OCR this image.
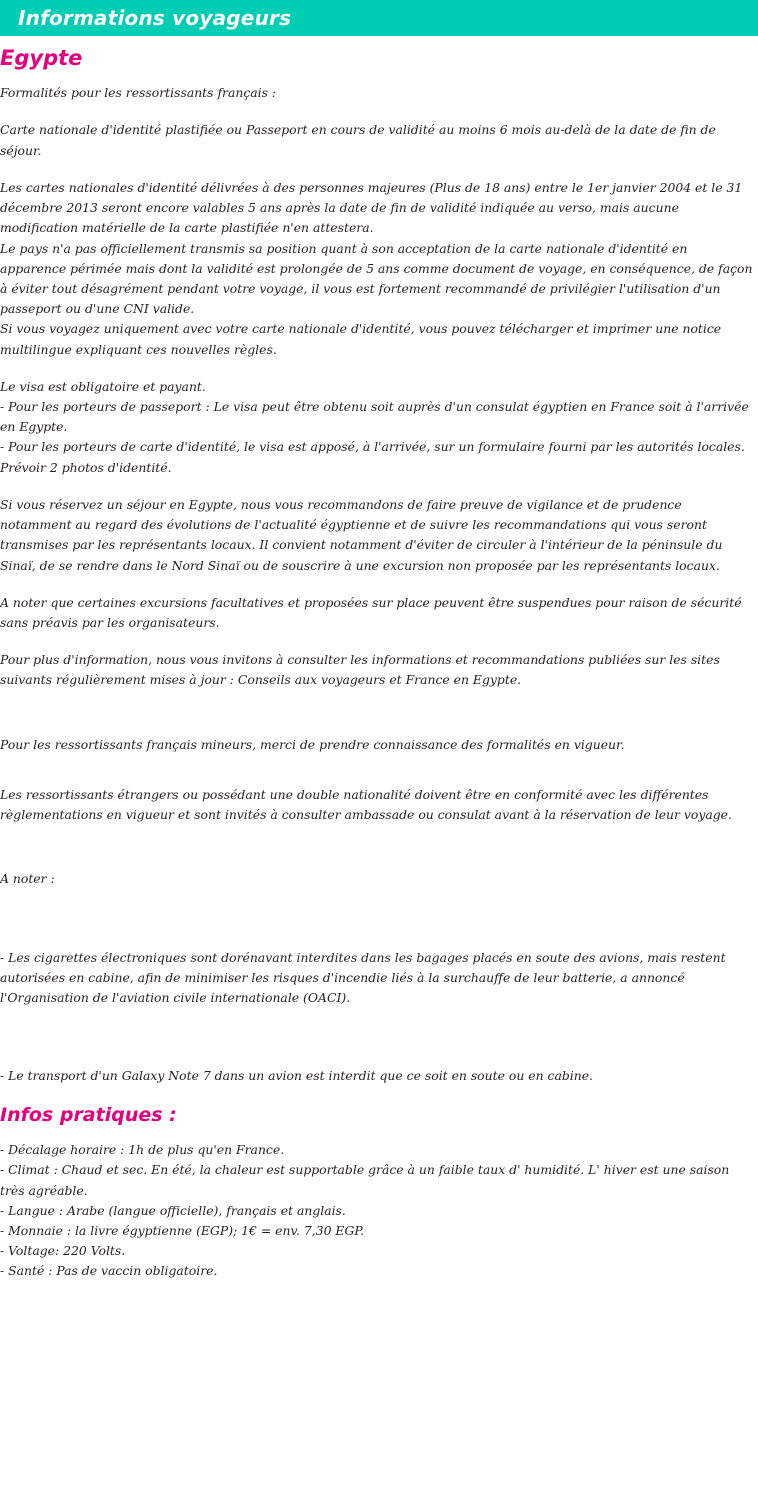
Informations voyageurs
Egypte

Formalités pour les ressortissants français :

Carte nationale d'identité plastifiée ou Passeport en cours de validité au moins 6 mois au-delà de la date de fin de séjour.

Les cartes nationales d'identité délivrées à des personnes majeures (Plus de 18 ans) entre le 1er janvier 2004 et le 31 décembre 2013 seront encore valables 5 ans après la date de fin de validité indiquée au verso, mais aucune modification matérielle de la carte plastifiée n'en attestera.

Le pays n'a pas officiellement transmis sa position quant à son acceptation de la carte nationale d'identité en apparence périmée mais dont la validité est prolongée de 5 ans comme document de voyage, en conséquence, de façon à éviter tout désagrément pendant votre voyage, il vous est fortement recommandé de privilégier l'utilisation d'un passeport ou d'une CNI valide.

Si vous voyagez uniquement avec votre carte nationale d'identité, vous pouvez télécharger et imprimer une notice multilingue expliquant ces nouvelles règles.

Le visa est obligatoire et payant.

- Pour les porteurs de passeport : Le visa peut être obtenu soit auprès d'un consulat égyptien en France soit à l'arrivée en Egypte.

- Pour les porteurs de carte d'identité, le visa est apposé, à l'arrivée, sur un formulaire fourni par les autorités locales. Prévoir 2 photos d'identité.

Si vous réservez un séjour en Egypte, nous vous recommandons de faire preuve de vigilance et de prudence notamment au regard des évolutions de l'actualité égyptienne et de suivre les recommandations qui vous seront transmises par les représentants locaux. Il convient notamment d'éviter de circuler à l'intérieur de la péninsule du Sinaï, de se rendre dans le Nord Sinaï ou de souscrire à une excursion non proposée par les représentants locaux.

A noter que certaines excursions facultatives et proposées sur place peuvent être suspendues pour raison de sécurité sans préavis par les organisateurs.

Pour plus d'information, nous vous invitons à consulter les informations et recommandations publiées sur les sites suivants régulièrement mises à jour : Conseils aux voyageurs et France en Egypte.

Pour les ressortissants français mineurs, merci de prendre connaissance des formalités en vigueur.

Les ressortissants étrangers ou possédant une double nationalité doivent être en conformité avec les différentes règlementations en vigueur et sont invités à consulter ambassade ou consulat avant à la réservation de leur voyage.

A noter :

- Les cigarettes électroniques sont dorénavant interdites dans les bagages placés en soute des avions, mais restent autorisées en cabine, afin de minimiser les risques d'incendie liés à la surchauffe de leur batterie, a annoncé l'Organisation de l'aviation civile internationale (OACI).

- Le transport d'un Galaxy Note 7 dans un avion est interdit que ce soit en soute ou en cabine.

Infos pratiques :

- Décalage horaire : 1h de plus qu'en France.

- Climat : Chaud et sec. En été, la chaleur est supportable grâce à un faible taux d' humidité. L' hiver est une saison très agréable.

- Langue : Arabe (langue officielle), français et anglais.

- Monnaie : la livre égyptienne (EGP); 1€ = env. 7,30 EGP.

- Voltage: 220 Volts.

- Santé : Pas de vaccin obligatoire.
